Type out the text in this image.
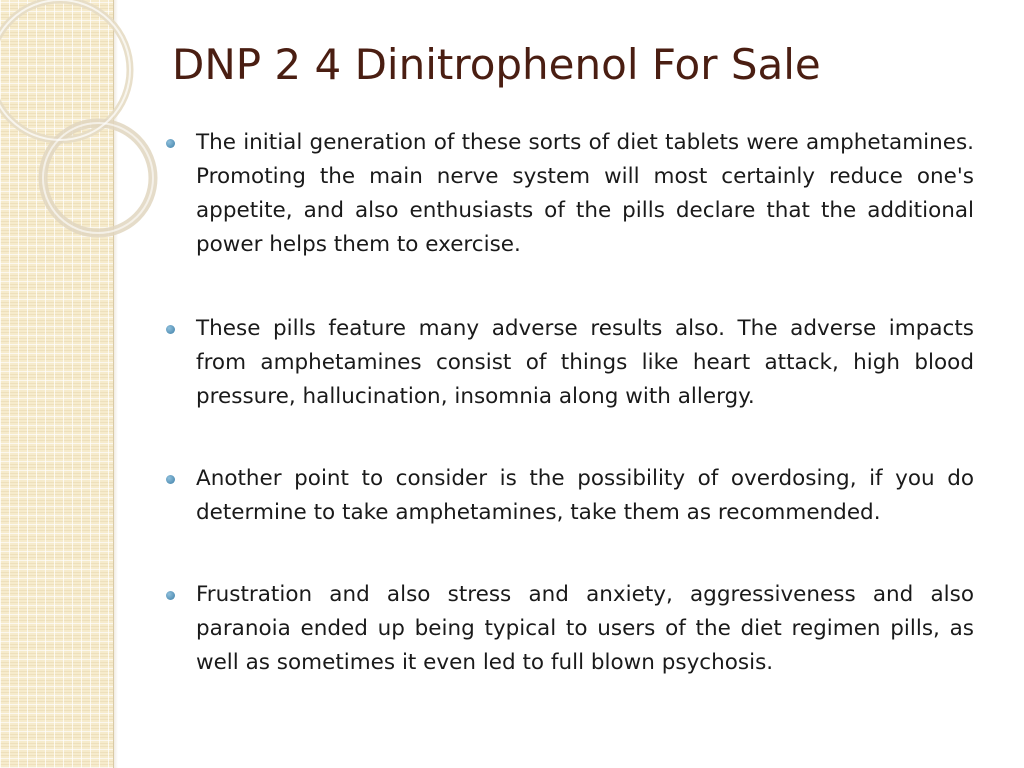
DNP 2 4 Dinitrophenol For Sale
The initial generation of these sorts of diet tablets were amphetamines. Promoting the main nerve system will most certainly reduce one's appetite, and also enthusiasts of the pills declare that the additional power helps them to exercise.
These pills feature many adverse results also. The adverse impacts from amphetamines consist of things like heart attack, high blood pressure, hallucination, insomnia along with allergy.
Another point to consider is the possibility of overdosing, if you do determine to take amphetamines, take them as recommended.
Frustration and also stress and anxiety, aggressiveness and also paranoia ended up being typical to users of the diet regimen pills, as well as sometimes it even led to full blown psychosis.
